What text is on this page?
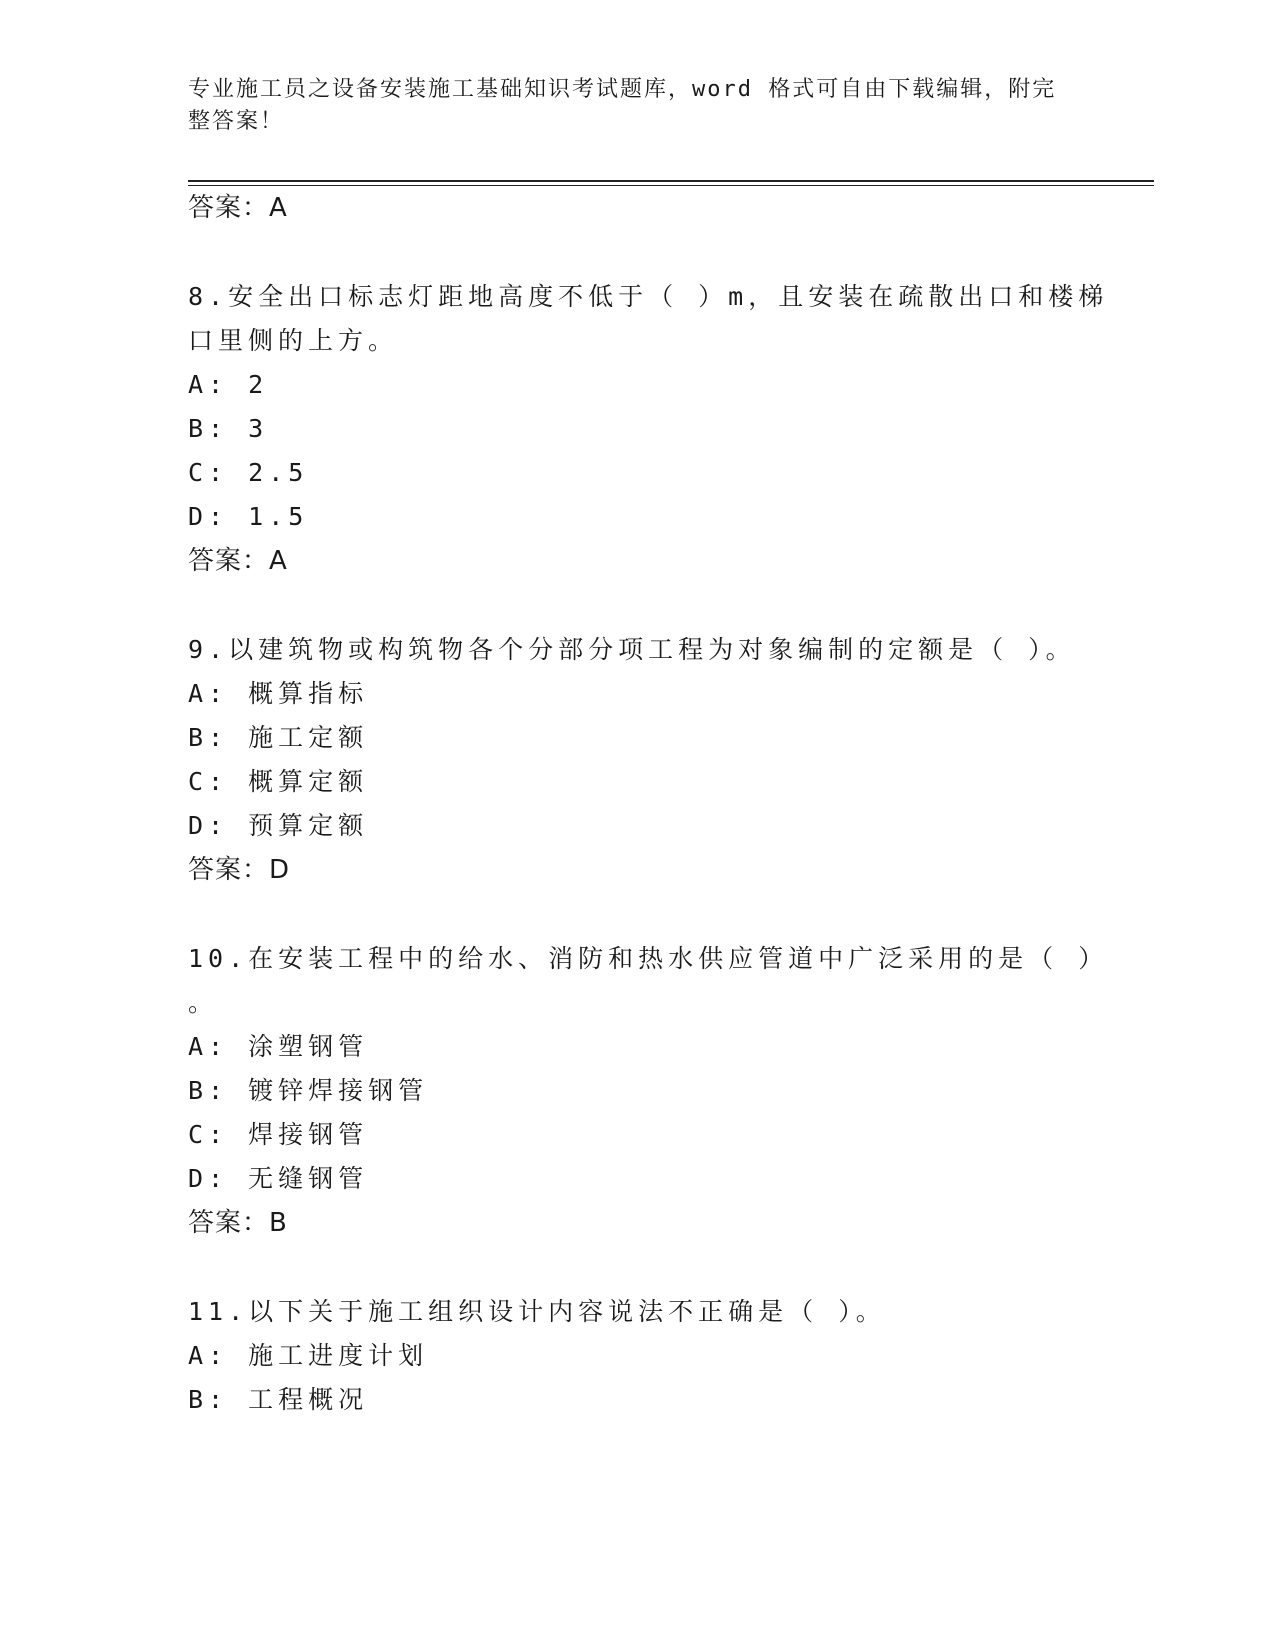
专业施工员之设备安装施工基础知识考试题库，word 格式可自由下载编辑，附完
整答案！
答案：A
8.安全出口标志灯距地高度不低于（ ）m，且安装在疏散出口和楼梯
口里侧的上方。
A: 2
B: 3
C: 2.5
D: 1.5
答案：A
9.以建筑物或构筑物各个分部分项工程为对象编制的定额是（ ）。
A: 概算指标
B: 施工定额
C: 概算定额
D: 预算定额
答案：D
10.在安装工程中的给水、消防和热水供应管道中广泛采用的是（ ）
。
A: 涂塑钢管
B: 镀锌焊接钢管
C: 焊接钢管
D: 无缝钢管
答案：B
11.以下关于施工组织设计内容说法不正确是（ ）。
A: 施工进度计划
B: 工程概况
